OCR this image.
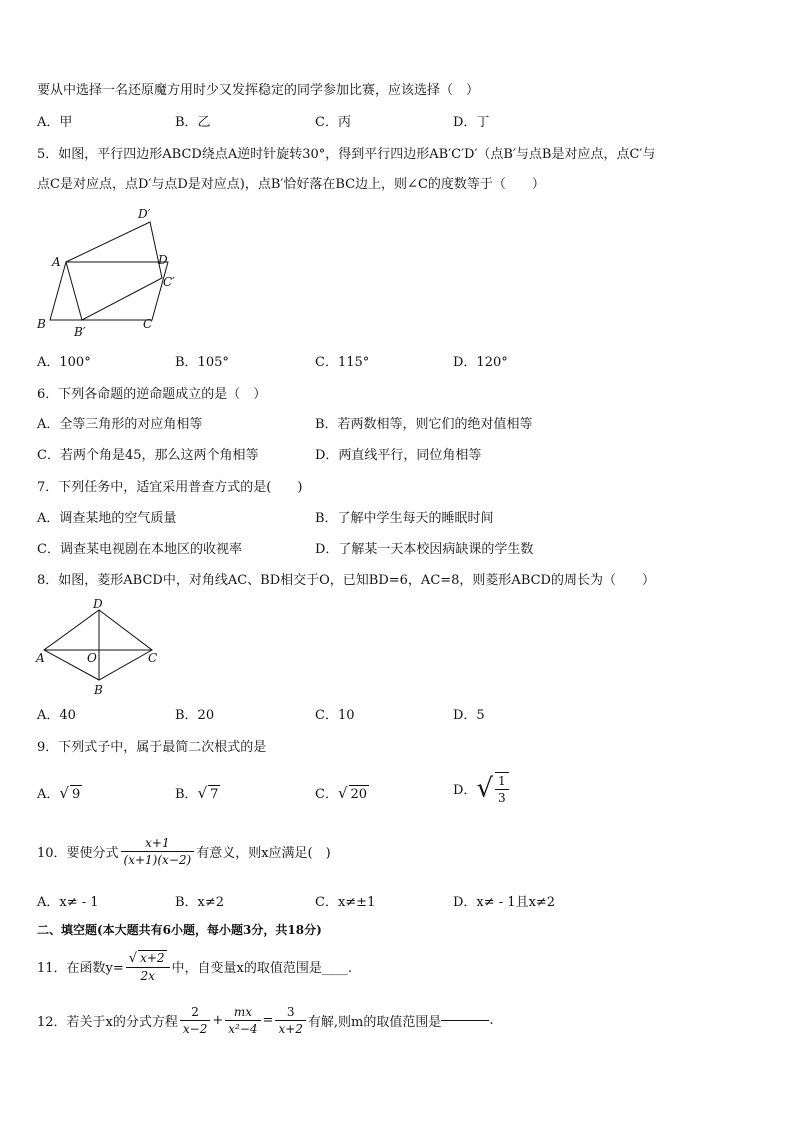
要从中选择一名还原魔方用时少又发挥稳定的同学参加比赛，应该选择（　）
A．甲	B．乙	C．丙	D．丁
5．如图，平行四边形ABCD绕点A逆时针旋转30°，得到平行四边形AB′C′D′（点B′与点B是对应点，点C′与
点C是对应点，点D′与点D是对应点)，点B′恰好落在BC边上，则∠C的度数等于（　　）
D′
A	D
C′
B
B′
C
A．100°	B．105°	C．115°	D．120°
6．下列各命题的逆命题成立的是（　）
A．全等三角形的对应角相等	B．若两数相等，则它们的绝对值相等
C．若两个角是45，那么这两个角相等	D．两直线平行，同位角相等
7．下列任务中，适宜采用普查方式的是(　　)
A．调查某地的空气质量	B．了解中学生每天的睡眠时间
C．调查某电视剧在本地区的收视率	D．了解某一天本校因病缺课的学生数
8．如图，菱形ABCD中，对角线AC、BD相交于O，已知BD=6，AC=8，则菱形ABCD的周长为（　　）
D
A	O	C
B
A．40	B．20	C．10	D．5
9．下列式子中，属于最简二次根式的是
A．√ 9	B．√ 7	C．√ 20	D．√ $\frac{1}{3}$
10．要使分式 $\frac{x+1}{(x+1)(x-2)}$ 有意义，则x应满足(　)
A．x≠ - 1	B．x≠2	C．x≠±1	D．x≠ - 1且x≠2
二、填空题(本大题共有6小题，每小题3分，共18分)
11．在函数$y= \frac{√ x+2}{2x}$ 中，自变量x的取值范围是____.
12．若关于x的分式方程 $\frac{2}{x-2} + \frac{mx}{\text{x²−4}} = \frac{3}{x+2}$ 有解,则m的取值范围是	.
